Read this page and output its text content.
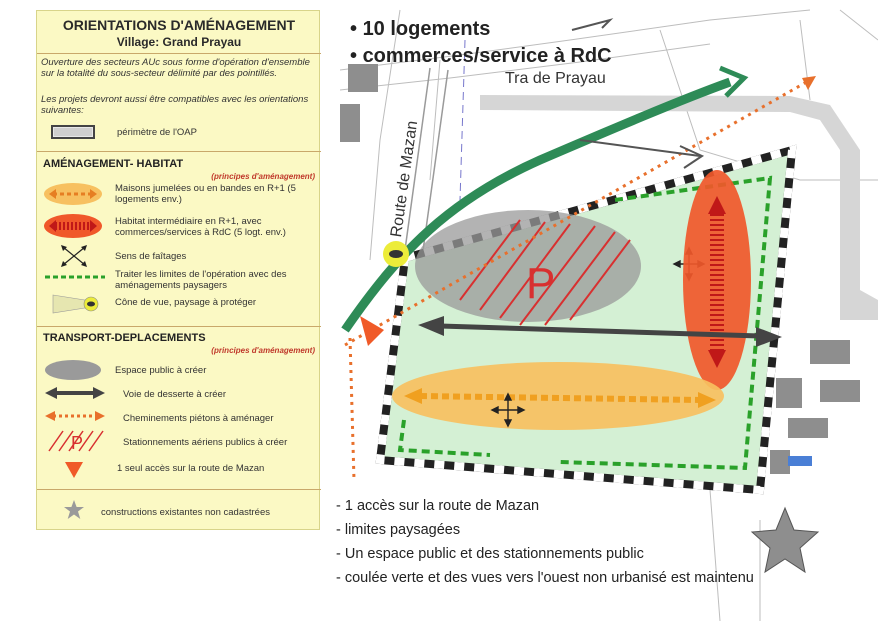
ORIENTATIONS D'AMÉNAGEMENT
Village: Grand Prayau
Ouverture des secteurs AUc sous forme d'opération d'ensemble sur la totalité du sous-secteur délimité par des pointillés.
Les projets devront aussi être compatibles avec les orientations suivantes:
périmètre de l'OAP
AMÉNAGEMENT- HABITAT
(principes d'aménagement)
Maisons jumelées ou en bandes en R+1 (5 logements env.)
Habitat intermédiaire en R+1, avec commerces/services à RdC (5 logt. env.)
Sens de faîtages
Traiter les limites de l'opération avec des aménagements paysagers
Cône de vue, paysage à protéger
TRANSPORT-DEPLACEMENTS
(principes d'aménagement)
Espace public à créer
Voie de desserte à créer
Cheminements piétons à aménager
P	Stationnements aériens publics à créer
1 seul accès sur la route de Mazan
constructions existantes non cadastrées
P
• 10 logements
• commerces/service à RdC
Tra de Prayau
Route de Mazan
- 1 accès sur la route de Mazan
- limites paysagées
- Un espace public et des stationnements public
- coulée verte et des vues vers l'ouest non urbanisé est maintenu
